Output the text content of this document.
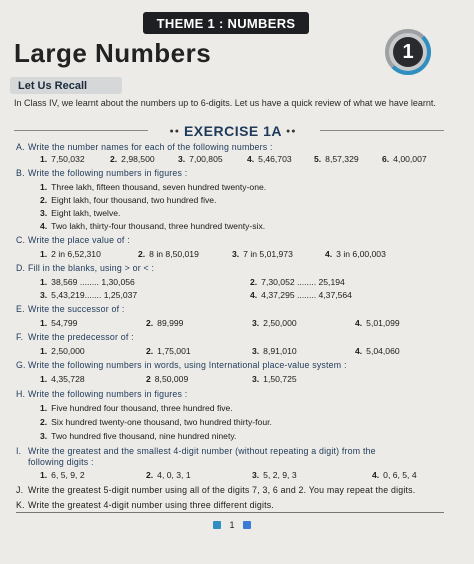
THEME 1 : NUMBERS
Large Numbers	1
Let Us Recall
In Class IV, we learnt about the numbers up to 6-digits. Let us have a quick review of what we have learnt.
●● EXERCISE 1A ●●
A. Write the number names for each of the following numbers :
1. 7,50,032	2. 2,98,500	3. 7,00,805	4. 5,46,703	5. 8,57,329	6. 4,00,007
B. Write the following numbers in figures :
1. Three lakh, fifteen thousand, seven hundred twenty-one.
2. Eight lakh, four thousand, two hundred five.
3. Eight lakh, twelve.
4. Two lakh, thirty-four thousand, three hundred twenty-six.
C. Write the place value of :
1. 2 in 6,52,310	2. 8 in 8,50,019	3. 7 in 5,01,973	4. 3 in 6,00,003
D. Fill in the blanks, using > or < :
1. 38,569 ........ 1,30,056	2. 7,30,052 ........ 25,194
3. 5,43,219....... 1,25,037	4. 4,37,295 ........ 4,37,564
E. Write the successor of :
1. 54,799	2. 89,999	3. 2,50,000	4. 5,01,099
F. Write the predecessor of :
1. 2,50,000	2. 1,75,001	3. 8,91,010	4. 5,04,060
G. Write the following numbers in words, using International place-value system :
1. 4,35,728	2 8,50,009	3. 1,50,725
H. Write the following numbers in figures :
1. Five hundred four thousand, three hundred five.
2. Six hundred twenty-one thousand, two hundred thirty-four.
3. Two hundred five thousand, nine hundred ninety.
I. Write the greatest and the smallest 4-digit number (without repeating a digit) from the
following digits :
1. 6, 5, 9, 2	2. 4, 0, 3, 1	3. 5, 2, 9, 3	4. 0, 6, 5, 4
J. Write the greatest 5-digit number using all of the digits 7, 3, 6 and 2. You may repeat the digits.
K. Write the greatest 4-digit number using three different digits.
1
